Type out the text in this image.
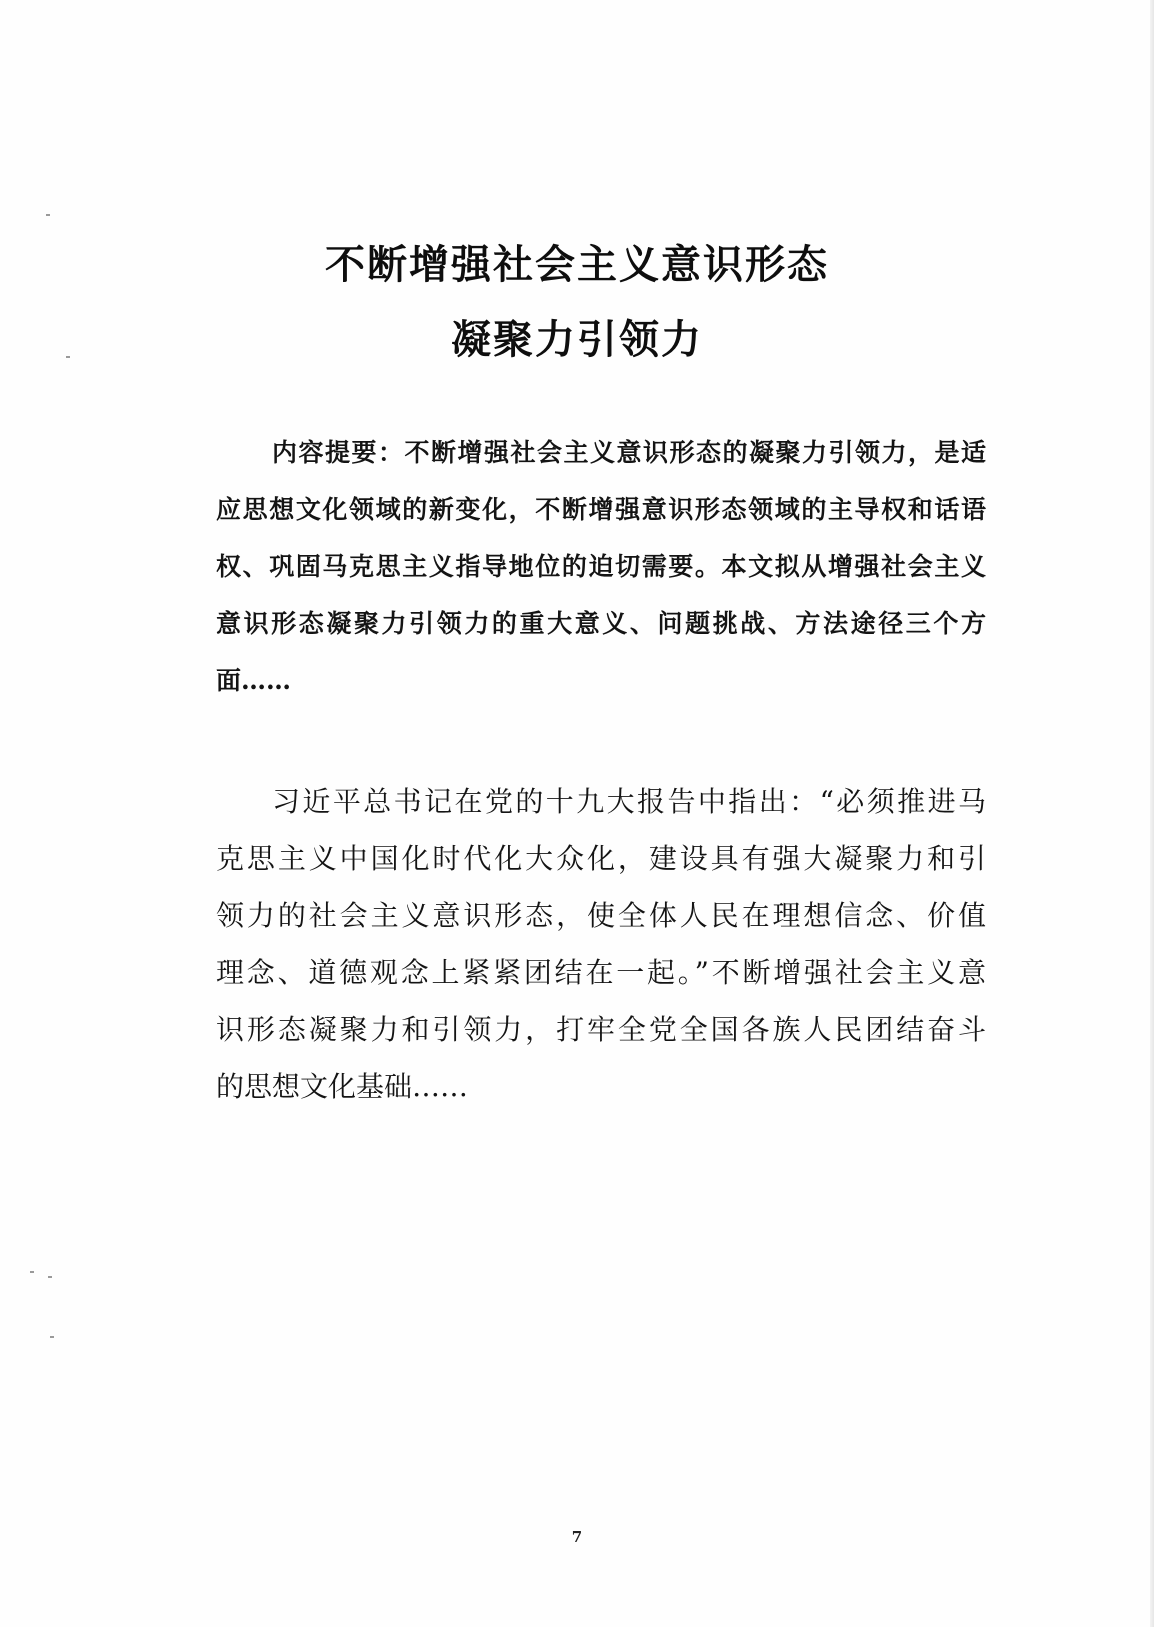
不断增强社会主义意识形态
凝聚力引领力
内容提要：不断增强社会主义意识形态的凝聚力引领力，是适
应思想文化领域的新变化，不断增强意识形态领域的主导权和话语
权、巩固马克思主义指导地位的迫切需要。本文拟从增强社会主义
意识形态凝聚力引领力的重大意义、问题挑战、方法途径三个方
面……
习近平总书记在党的十九大报告中指出：“必须推进马
克思主义中国化时代化大众化，建设具有强大凝聚力和引
领力的社会主义意识形态，使全体人民在理想信念、价值
理念、道德观念上紧紧团结在一起。”不断增强社会主义意
识形态凝聚力和引领力，打牢全党全国各族人民团结奋斗
的思想文化基础……
7
